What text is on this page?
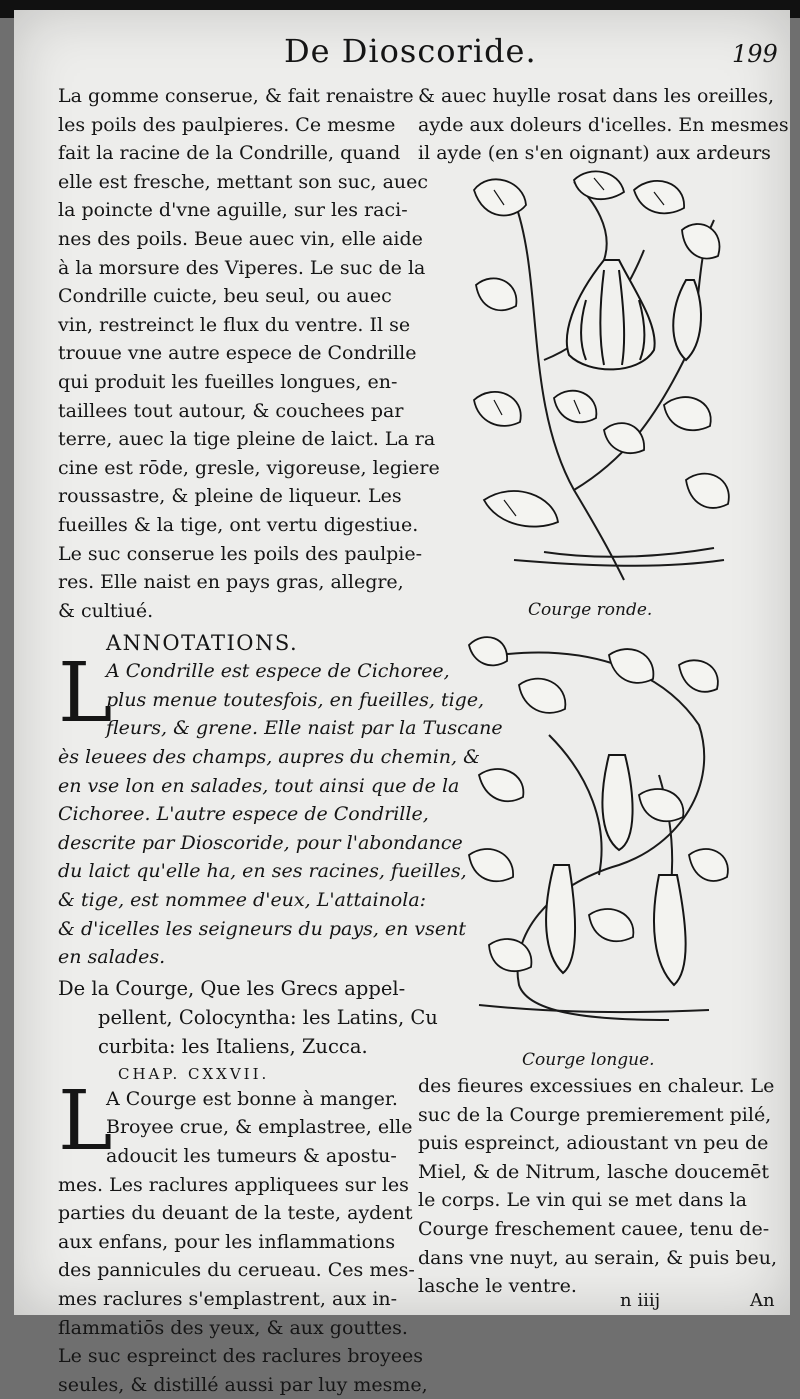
De Dioscoride.	199

La gomme conserue, & fait renaistre
les poils des paulpieres. Ce mesme
fait la racine de la Condrille, quand
elle est fresche, mettant son suc, auec
la poincte d'vne aguille, sur les raci-
nes des poils. Beue auec vin, elle aide
à la morsure des Viperes. Le suc de la
Condrille cuicte, beu seul, ou auec
vin, restreinct le flux du ventre. Il se
trouue vne autre espece de Condrille
qui produit les fueilles longues, en-
taillees tout autour, & couchees par
terre, auec la tige pleine de laict. La ra
cine est rōde, gresle, vigoreuse, legiere
roussastre, & pleine de liqueur. Les
fueilles & la tige, ont vertu digestiue.
Le suc conserue les poils des paulpie-
res. Elle naist en pays gras, allegre,
& cultiué.

ANNOTATIONS.
L

A Condrille est espece de Cichoree,
plus menue toutesfois, en fueilles, tige,
fleurs, & grene. Elle naist par la Tuscane
ès leuees des champs, aupres du chemin, &
en vse lon en salades, tout ainsi que de la
Cichoree. L'autre espece de Condrille,
descrite par Dioscoride, pour l'abondance
du laict qu'elle ha, en ses racines, fueilles,
& tige, est nommee d'eux, L'attainola:
& d'icelles les seigneurs du pays, en vsent
en salades.

De la Courge, Que les Grecs appel-
pellent, Colocyntha: les Latins, Cu
curbita: les Italiens, Zucca.
CHAP. CXXVII.
L

A Courge est bonne à manger.
Broyee crue, & emplastree, elle
adoucit les tumeurs & apostu-
mes. Les raclures appliquees sur les
parties du deuant de la teste, aydent
aux enfans, pour les inflammations
des pannicules du cerueau. Ces mes-
mes raclures s'emplastrent, aux in-
flammatiōs des yeux, & aux gouttes.
Le suc espreinct des raclures broyees
seules, & distillé aussi par luy mesme,

& auec huylle rosat dans les oreilles,
ayde aux doleurs d'icelles. En mesmes
il ayde (en s'en oignant) aux ardeurs

Courge ronde.
Courge longue.

des fieures excessiues en chaleur. Le
suc de la Courge premierement pilé,
puis espreinct, adioustant vn peu de
Miel, & de Nitrum, lasche doucemēt
le corps. Le vin qui se met dans la
Courge freschement cauee, tenu de-
dans vne nuyt, au serain, & puis beu,
lasche le ventre.

n iiij	An
